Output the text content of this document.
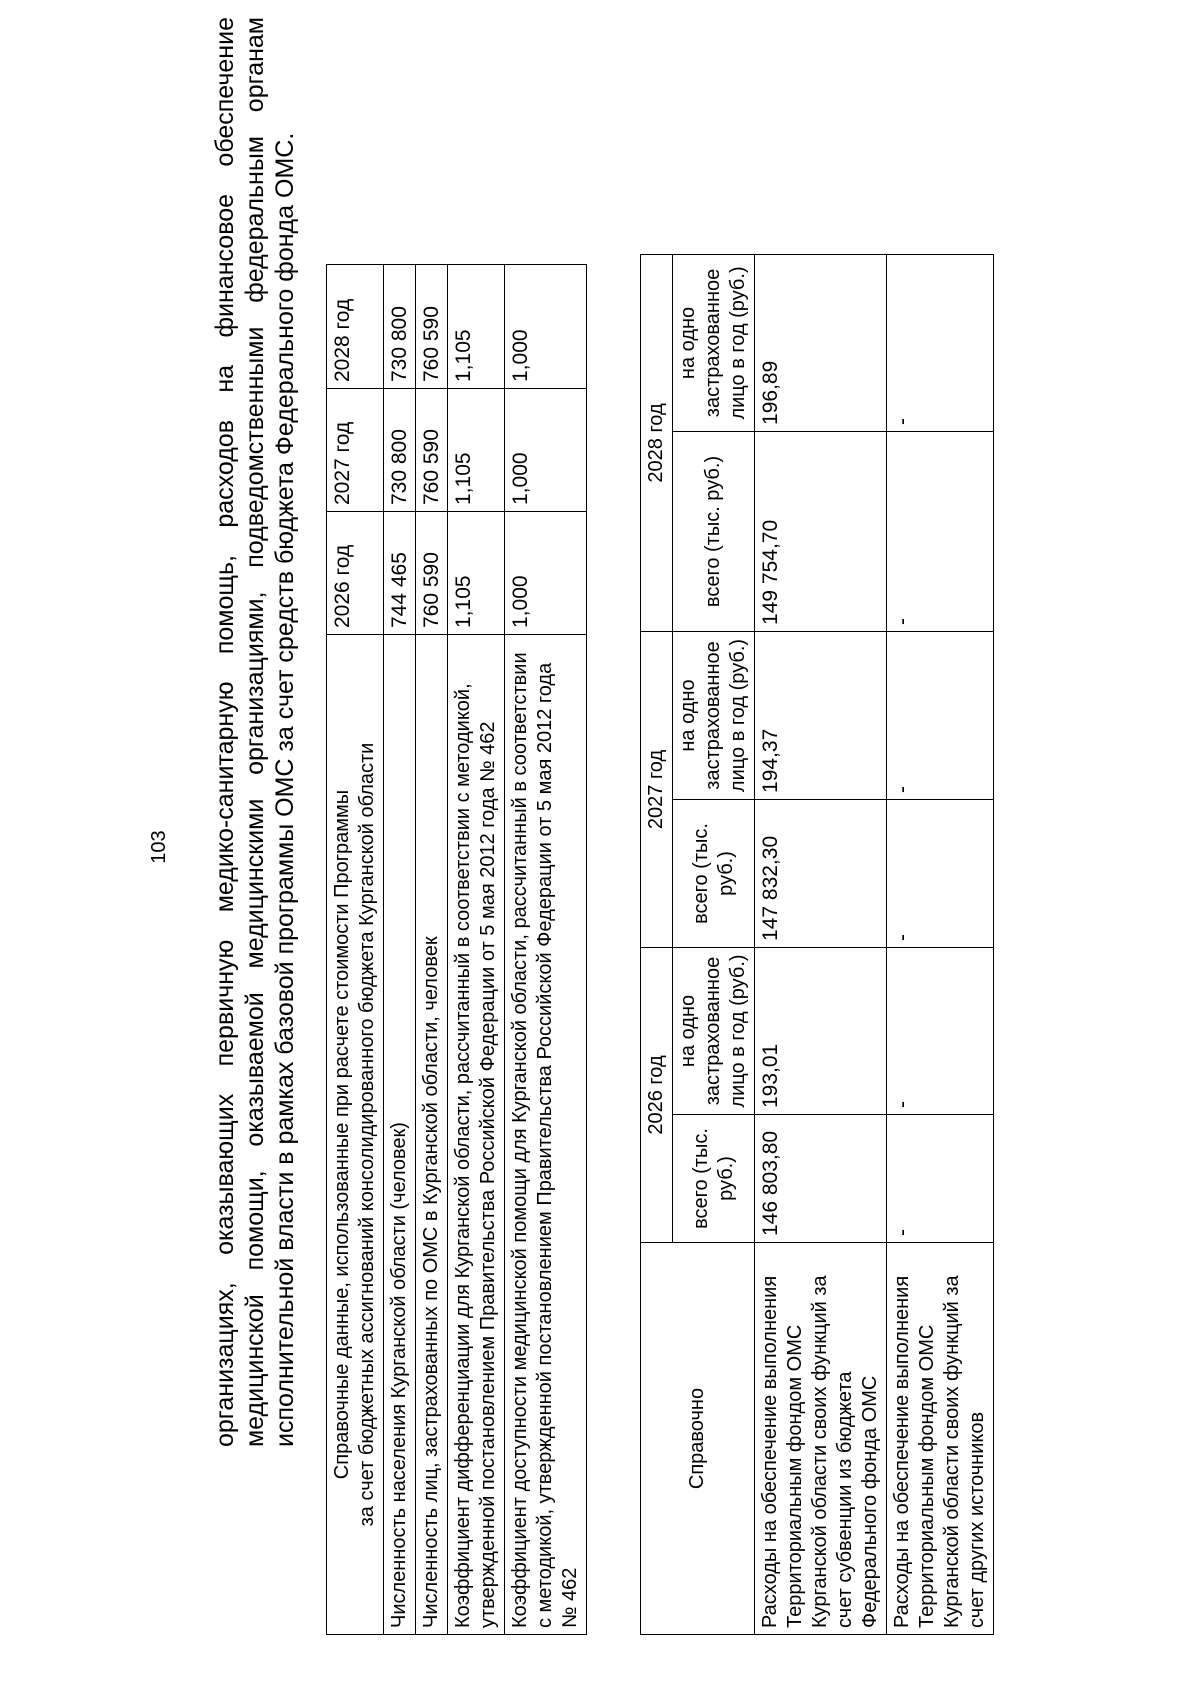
103 организациях, оказывающих первичную медико-санитарную помощь, расходов на финансовое обеспечение медицинской помощи, оказываемой медицинскими организациями, подведомственными федеральным органам исполнительной власти в рамках базовой программы ОМС за счет средств бюджета Федерального фонда ОМС. Справочные данные, использованные при расчете стоимости Программы за счет бюджетных ассигнований консолидированного бюджета Курганской области	2026 год	2027 год	2028 год
Численность населения Курганской области (человек)	744 465	730 800	730 800
Численность лиц, застрахованных по ОМС в Курганской области, человек	760 590	760 590	760 590
Коэффициент дифференциации для Курганской области, рассчитанный в соответствии с методикой, утвержденной постановлением Правительства Российской Федерации от 5 мая 2012 года № 462	1,105	1,105	1,105
Коэффициент доступности медицинской помощи для Курганской области, рассчитанный в соответствии с методикой, утвержденной постановлением Правительства Российской Федерации от 5 мая 2012 года № 462	1,000	1,000	1,000
Справочно	2026 год		2027 год		2028 год	
	всего (тыс. руб.)	на одно застрахованное лицо в год (руб.)	всего (тыс. руб.)	на одно застрахованное лицо в год (руб.)	всего (тыс. руб.)	на одно застрахованное лицо в год (руб.)
Расходы на обеспечение выполнения Территориальным фондом ОМС Курганской области своих функций за счет субвенции из бюджета Федерального фонда ОМС	146 803,80	193,01	147 832,30	194,37	149 754,70	196,89
Расходы на обеспечение выполнения Территориальным фондом ОМС Курганской области своих функций за счет других источников	-	-	-	-	-	-
